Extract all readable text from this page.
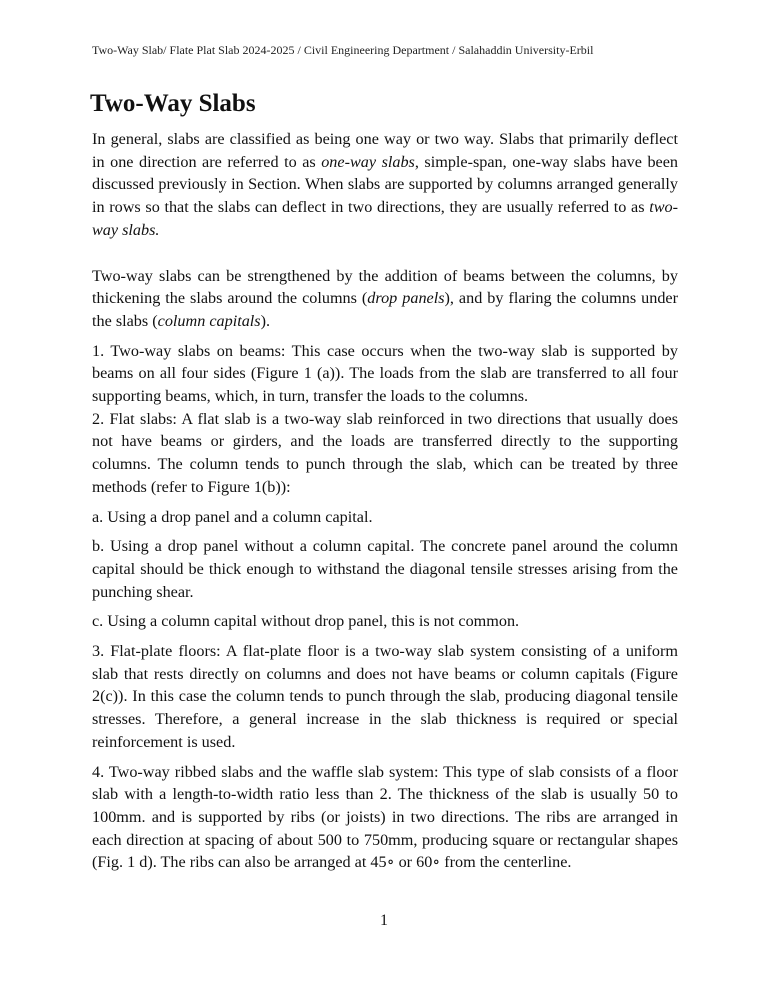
Two-Way Slab/ Flate Plat Slab 2024-2025 / Civil Engineering Department / Salahaddin University-Erbil
Two-Way Slabs

In general, slabs are classified as being one way or two way. Slabs that primarily deflect in one direction are referred to as one-way slabs, simple-span, one-way slabs have been discussed previously in Section. When slabs are supported by columns arranged generally in rows so that the slabs can deflect in two directions, they are usually referred to as two-way slabs.

Two-way slabs can be strengthened by the addition of beams between the columns, by thickening the slabs around the columns (drop panels), and by flaring the columns under the slabs (column capitals).

1. Two-way slabs on beams: This case occurs when the two-way slab is supported by beams on all four sides (Figure 1 (a)). The loads from the slab are transferred to all four supporting beams, which, in turn, transfer the loads to the columns.
2. Flat slabs: A flat slab is a two-way slab reinforced in two directions that usually does not have beams or girders, and the loads are transferred directly to the supporting columns. The column tends to punch through the slab, which can be treated by three methods (refer to Figure 1(b)):

a. Using a drop panel and a column capital.

b. Using a drop panel without a column capital. The concrete panel around the column capital should be thick enough to withstand the diagonal tensile stresses arising from the punching shear.

c. Using a column capital without drop panel, this is not common.

3. Flat-plate floors: A flat-plate floor is a two-way slab system consisting of a uniform slab that rests directly on columns and does not have beams or column capitals (Figure 2(c)). In this case the column tends to punch through the slab, producing diagonal tensile stresses. Therefore, a general increase in the slab thickness is required or special reinforcement is used.

4. Two-way ribbed slabs and the waffle slab system: This type of slab consists of a floor slab with a length-to-width ratio less than 2. The thickness of the slab is usually 50 to 100mm. and is supported by ribs (or joists) in two directions. The ribs are arranged in each direction at spacing of about 500 to 750mm, producing square or rectangular shapes (Fig. 1 d). The ribs can also be arranged at 45∘ or 60∘ from the centerline.

1
